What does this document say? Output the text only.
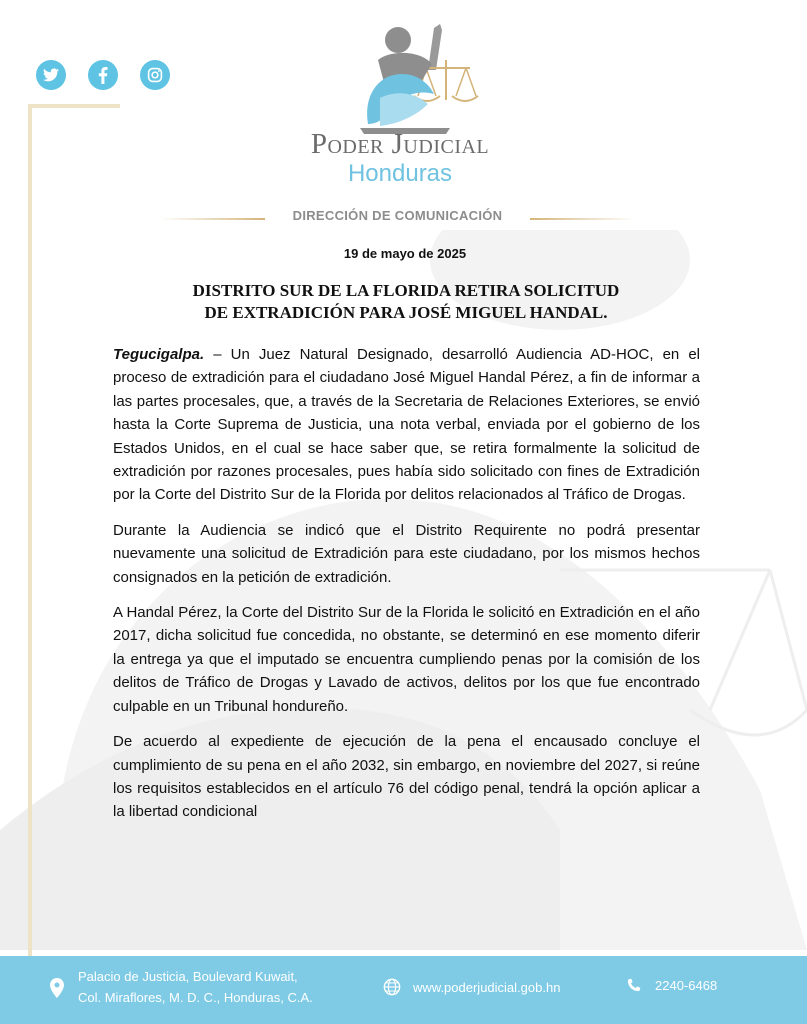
Poder Judicial
Honduras
DIRECCIÓN DE COMUNICACIÓN
19 de mayo de 2025
DISTRITO SUR DE LA FLORIDA RETIRA SOLICITUD
DE EXTRADICIÓN PARA JOSÉ MIGUEL HANDAL.

Tegucigalpa. – Un Juez Natural Designado, desarrolló Audiencia AD-HOC, en el proceso de extradición para el ciudadano José Miguel Handal Pérez, a fin de informar a las partes procesales, que, a través de la Secretaria de Relaciones Exteriores, se envió hasta la Corte Suprema de Justicia, una nota verbal, enviada por el gobierno de los Estados Unidos, en el cual se hace saber que, se retira formalmente la solicitud de extradición por razones procesales, pues había sido solicitado con fines de Extradición por la Corte del Distrito Sur de la Florida por delitos relacionados al Tráfico de Drogas.

Durante la Audiencia se indicó que el Distrito Requirente no podrá presentar nuevamente una solicitud de Extradición para este ciudadano, por los mismos hechos consignados en la petición de extradición.

A Handal Pérez, la Corte del Distrito Sur de la Florida le solicitó en Extradición en el año 2017, dicha solicitud fue concedida, no obstante, se determinó en ese momento diferir la entrega ya que el imputado se encuentra cumpliendo penas por la comisión de los delitos de Tráfico de Drogas y Lavado de activos, delitos por los que fue encontrado culpable en un Tribunal hondureño.

De acuerdo al expediente de ejecución de la pena el encausado concluye el cumplimiento de su pena en el año 2032, sin embargo, en noviembre del 2027, si reúne los requisitos establecidos en el artículo 76 del código penal, tendrá la opción aplicar a la libertad condicional

Palacio de Justicia, Boulevard Kuwait,
Col. Miraflores, M. D. C., Honduras, C.A.
www.poderjudicial.gob.hn	2240-6468
